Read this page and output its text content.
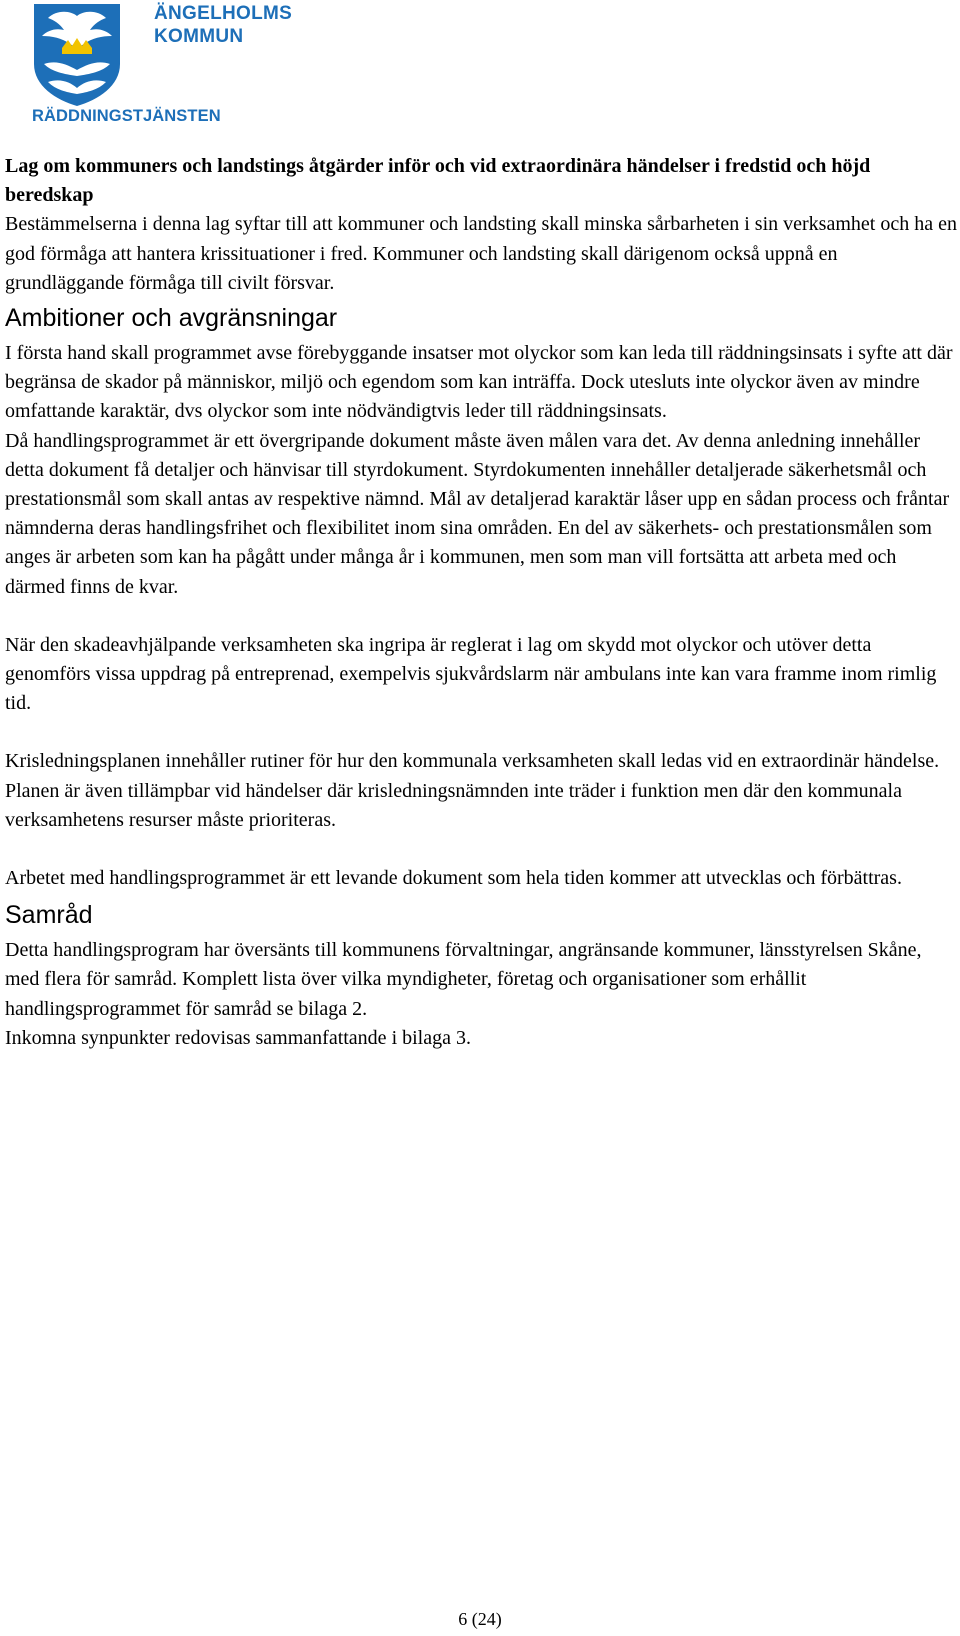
ÄNGELHOLMS
KOMMUN
RÄDDNINGSTJÄNSTEN

Lag om kommuners och landstings åtgärder inför och vid extraordinära händelser i fredstid och höjd beredskap

Bestämmelserna i denna lag syftar till att kommuner och landsting skall minska sårbarheten i sin verksamhet och ha en god förmåga att hantera krissituationer i fred. Kommuner och landsting skall därigenom också uppnå en grundläggande förmåga till civilt försvar.

Ambitioner och avgränsningar

I första hand skall programmet avse förebyggande insatser mot olyckor som kan leda till räddningsinsats i syfte att där begränsa de skador på människor, miljö och egendom som kan inträffa. Dock utesluts inte olyckor även av mindre omfattande karaktär, dvs olyckor som inte nödvändigtvis leder till räddningsinsats.

Då handlingsprogrammet är ett övergripande dokument måste även målen vara det. Av denna anledning innehåller detta dokument få detaljer och hänvisar till styrdokument. Styrdokumenten innehåller detaljerade säkerhetsmål och prestationsmål som skall antas av respektive nämnd. Mål av detaljerad karaktär låser upp en sådan process och fråntar nämnderna deras handlingsfrihet och flexibilitet inom sina områden. En del av säkerhets- och prestationsmålen som anges är arbeten som kan ha pågått under många år i kommunen, men som man vill fortsätta att arbeta med och därmed finns de kvar.

När den skadeavhjälpande verksamheten ska ingripa är reglerat i lag om skydd mot olyckor och utöver detta genomförs vissa uppdrag på entreprenad, exempelvis sjukvårdslarm när ambulans inte kan vara framme inom rimlig tid.

Krisledningsplanen innehåller rutiner för hur den kommunala verksamheten skall ledas vid en extraordinär händelse. Planen är även tillämpbar vid händelser där krisledningsnämnden inte träder i funktion men där den kommunala verksamhetens resurser måste prioriteras.

Arbetet med handlingsprogrammet är ett levande dokument som hela tiden kommer att utvecklas och förbättras.

Samråd

Detta handlingsprogram har översänts till kommunens förvaltningar, angränsande kommuner, länsstyrelsen Skåne, med flera för samråd. Komplett lista över vilka myndigheter, företag och organisationer som erhållit handlingsprogrammet för samråd se bilaga 2.

Inkomna synpunkter redovisas sammanfattande i bilaga 3.

6 (24)
